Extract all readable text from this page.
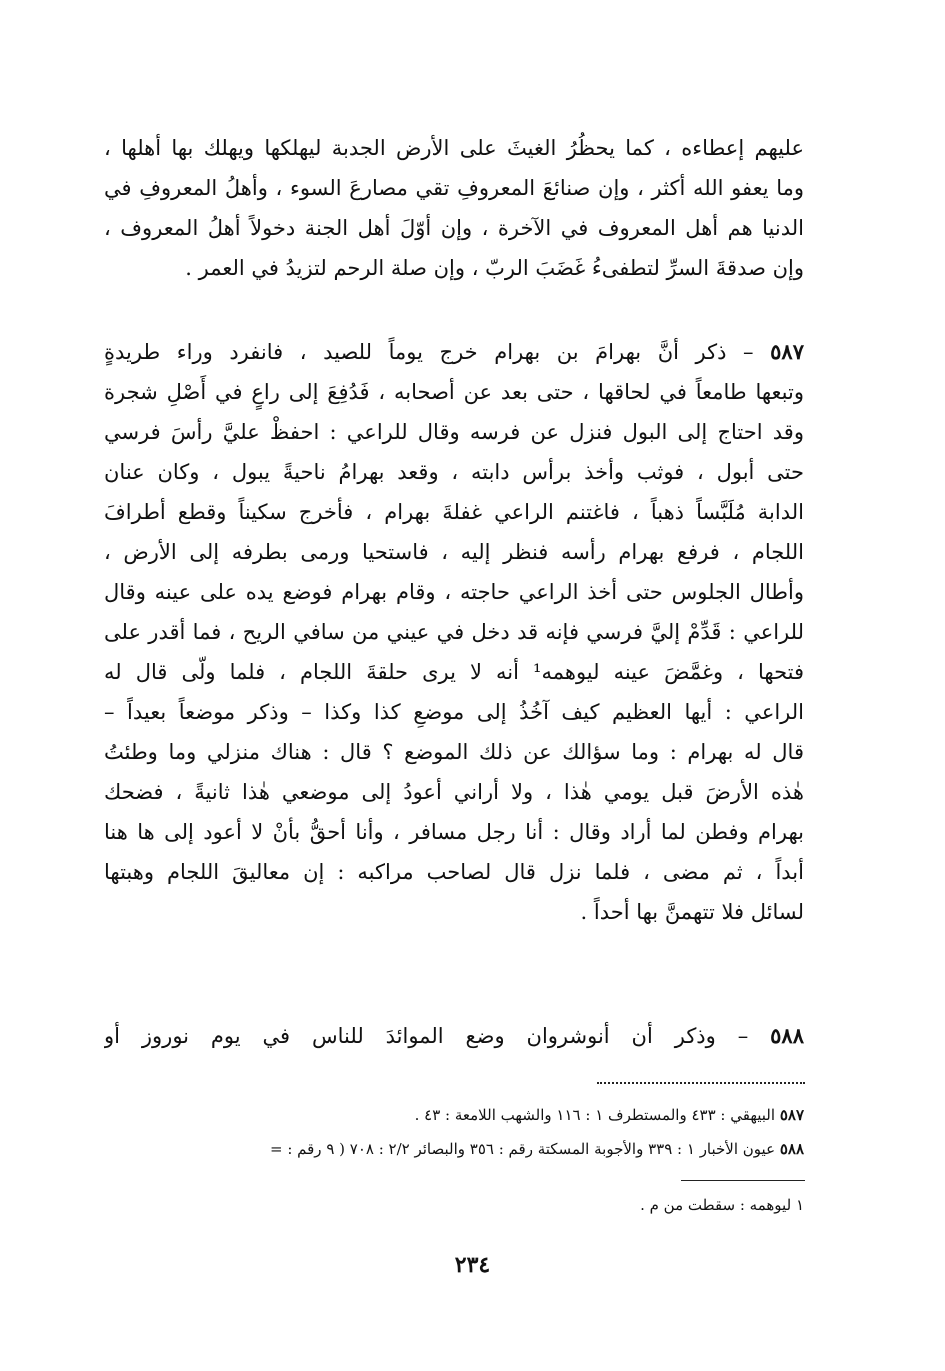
عليهم إعطاءه ، كما يحظُرُ الغيثَ على الأرض الجدبة ليهلكها ويهلك بها أهلها ،
وما يعفو الله أكثر ، وإن صنائعَ المعروفِ تقي مصارعَ السوء ، وأهلُ المعروفِ في
الدنيا هم أهل المعروف في الآخرة ، وإن أوّلَ أهل الجنة دخولاً أهلُ المعروف ،
وإن صدقةَ السرِّ لتطفىءُ غَضَبَ الربّ ، وإن صلة الرحم لتزيدُ في العمر .
٥٨٧ – ذكر أنَّ بهرامَ بن بهرام خرج يوماً للصيد ، فانفرد وراء طريدةٍ
وتبعها طامعاً في لحاقها ، حتى بعد عن أصحابه ، فَدُفِعَ إلى راعٍ في أَصْلِ شجرة
وقد احتاج إلى البول فنزل عن فرسه وقال للراعي : احفظْ عليَّ رأسَ فرسي
حتى أبول ، فوثب وأخذ برأس دابته ، وقعد بهرامُ ناحيةً يبول ، وكان عنان
الدابة مُلَبَّساً ذهباً ، فاغتنم الراعي غفلةَ بهرام ، فأخرج سكيناً وقطع أطرافَ
اللجام ، فرفع بهرام رأسه فنظر إليه ، فاستحيا ورمى بطرفه إلى الأرض ،
وأطال الجلوس حتى أخذ الراعي حاجته ، وقام بهرام فوضع يده على عينه وقال
للراعي : قَدِّمْ إليَّ فرسي فإنه قد دخل في عيني من سافي الريح ، فما أقدر على
فتحها ، وغمَّضَ عينه ليوهمه¹ أنه لا يرى حلقةَ اللجام ، فلما ولّى قال له
الراعي : أيها العظيم كيف آخُذُ إلى موضعِ كذا وكذا – وذكر موضعاً بعيداً –
قال له بهرام : وما سؤالك عن ذلك الموضع ؟ قال : هناك منزلي وما وطئتُ
هٰذه الأرضَ قبل يومي هٰذا ، ولا أراني أعودُ إلى موضعي هٰذا ثانيةً ، فضحك
بهرام وفطن لما أراد وقال : أنا رجل مسافر ، وأنا أحقُّ بأنْ لا أعود إلى ها هنا
أبداً ، ثم مضى ، فلما نزل قال لصاحب مراكبه : إن معاليقَ اللجام وهبتها
لسائل فلا تتهمنَّ بها أحداً .
٥٨٨ – وذكر أن أنوشروان وضع الموائدَ للناس في يوم نوروز أو
٥٨٧ البيهقي : ٤٣٣ والمستطرف ١ : ١١٦ والشهب اللامعة : ٤٣ .
٥٨٨ عيون الأخبار ١ : ٣٣٩ والأجوبة المسكتة رقم : ٣٥٦ والبصائر ٢/٢ : ٧٠٨ ( ٩ رقم : =
١ ليوهمه : سقطت من م .
٢٣٤
